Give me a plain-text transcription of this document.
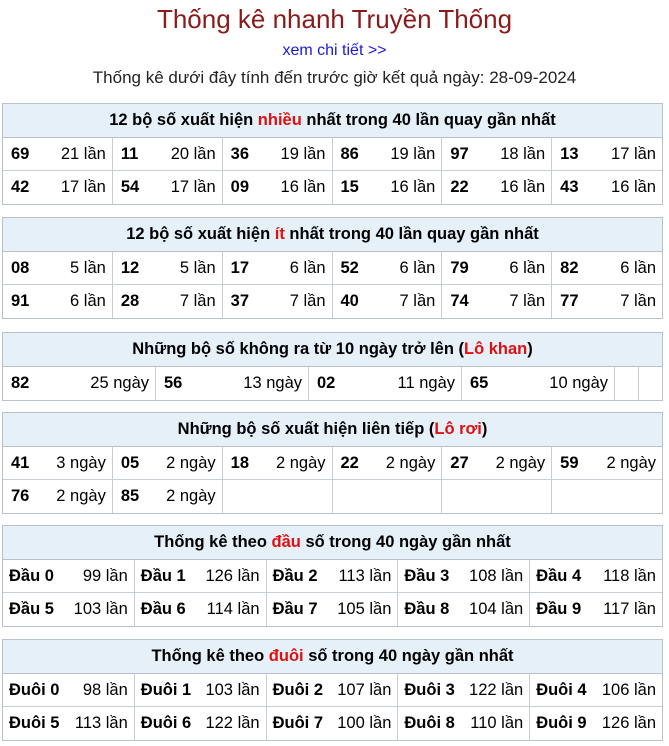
Thống kê nhanh Truyền Thống
xem chi tiết >>
Thống kê dưới đây tính đến trước giờ kết quả ngày: 28-09-2024
12 bộ số xuất hiện nhiều nhất trong 40 lần quay gần nhất
69 21 lần 11 20 lần 36 19 lần 86 19 lần 97 18 lần 13 17 lần
42 17 lần 54 17 lần 09 16 lần 15 16 lần 22 16 lần 43 16 lần
12 bộ số xuất hiện ít nhất trong 40 lần quay gần nhất
08 5 lần 12 5 lần 17 6 lần 52 6 lần 79 6 lần 82	6 lần
91 6 lần 28 7 lần 37 7 lần 40 7 lần 74 7 lần 77	7 lần
Những bộ số không ra từ 10 ngày trở lên (Lô khan)
82	25 ngày 56	13 ngày 02	11 ngày 65	10 ngày
Những bộ số xuất hiện liên tiếp (Lô rơi)
41 3 ngày 05 2 ngày 18 2 ngày 22 2 ngày 27 2 ngày 59 2 ngày
76 2 ngày 85 2 ngày
Thống kê theo đầu số trong 40 ngày gần nhất
Đầu 0 99 lần Đầu 1 126 lần Đầu 2 113 lần Đầu 3 108 lần Đầu 4 118 lần
Đầu 5 103 lần Đầu 6 114 lần Đầu 7 105 lần Đầu 8 104 lần Đầu 9 117 lần
Thống kê theo đuôi số trong 40 ngày gần nhất
Đuôi 0 98 lần Đuôi 1 103 lần Đuôi 2 107 lần Đuôi 3 122 lần Đuôi 4 106 lần
Đuôi 5 113 lần Đuôi 6 122 lần Đuôi 7 100 lần Đuôi 8 110 lần Đuôi 9 126 lần
